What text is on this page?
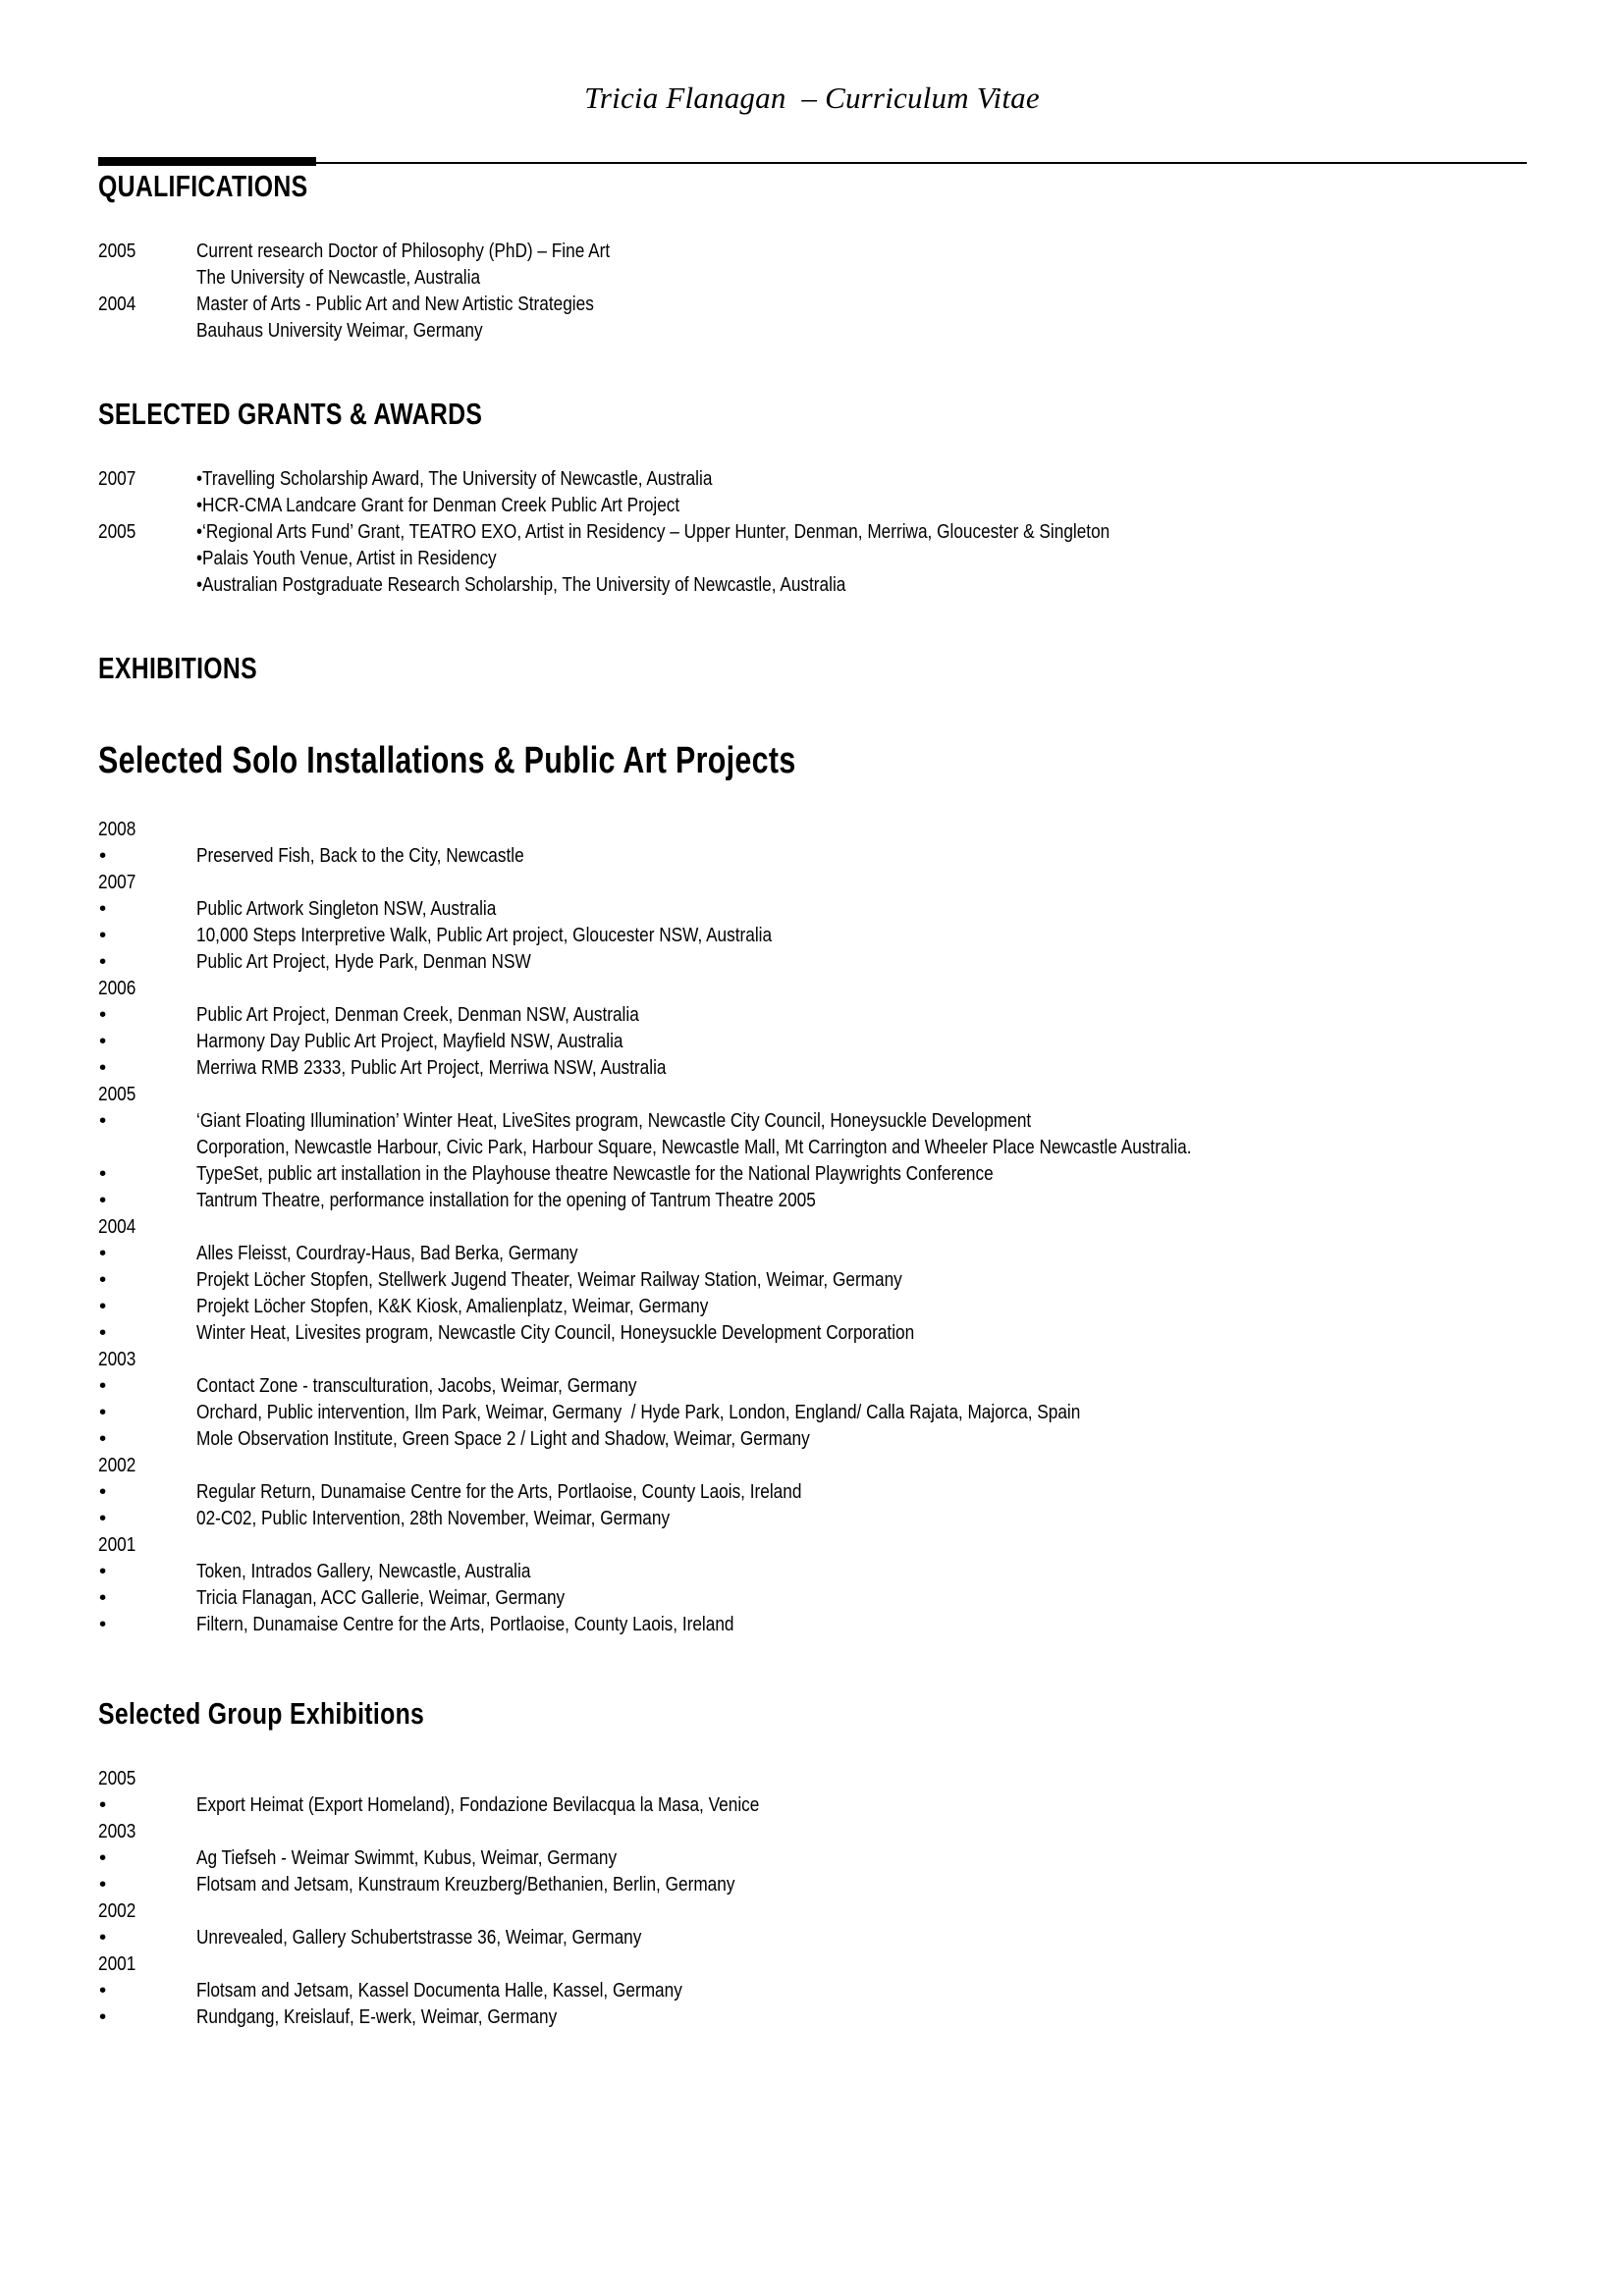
Tricia Flanagan  – Curriculum Vitae
QUALIFICATIONS
2005	Current research Doctor of Philosophy (PhD) – Fine Art
The University of Newcastle, Australia
2004	Master of Arts - Public Art and New Artistic Strategies
Bauhaus University Weimar, Germany
SELECTED GRANTS & AWARDS
2007	•Travelling Scholarship Award, The University of Newcastle, Australia
•HCR-CMA Landcare Grant for Denman Creek Public Art Project
2005	•‘Regional Arts Fund’ Grant, TEATRO EXO, Artist in Residency – Upper Hunter, Denman, Merriwa, Gloucester & Singleton
•Palais Youth Venue, Artist in Residency
•Australian Postgraduate Research Scholarship, The University of Newcastle, Australia
EXHIBITIONS
Selected Solo Installations & Public Art Projects
2008
•	Preserved Fish, Back to the City, Newcastle
2007
•	Public Artwork Singleton NSW, Australia
•	10,000 Steps Interpretive Walk, Public Art project, Gloucester NSW, Australia
•	Public Art Project, Hyde Park, Denman NSW
2006
•	Public Art Project, Denman Creek, Denman NSW, Australia
•	Harmony Day Public Art Project, Mayfield NSW, Australia
•	Merriwa RMB 2333, Public Art Project, Merriwa NSW, Australia
2005
•	‘Giant Floating Illumination’ Winter Heat, LiveSites program, Newcastle City Council, Honeysuckle Development
Corporation, Newcastle Harbour, Civic Park, Harbour Square, Newcastle Mall, Mt Carrington and Wheeler Place Newcastle Australia.
•	TypeSet, public art installation in the Playhouse theatre Newcastle for the National Playwrights Conference
•	Tantrum Theatre, performance installation for the opening of Tantrum Theatre 2005
2004
•	Alles Fleisst, Courdray-Haus, Bad Berka, Germany
•	Projekt Löcher Stopfen, Stellwerk Jugend Theater, Weimar Railway Station, Weimar, Germany
•	Projekt Löcher Stopfen, K&K Kiosk, Amalienplatz, Weimar, Germany
•	Winter Heat, Livesites program, Newcastle City Council, Honeysuckle Development Corporation
2003
•	Contact Zone - transculturation, Jacobs, Weimar, Germany
•	Orchard, Public intervention, Ilm Park, Weimar, Germany  / Hyde Park, London, England/ Calla Rajata, Majorca, Spain
•	Mole Observation Institute, Green Space 2 / Light and Shadow, Weimar, Germany
2002
•	Regular Return, Dunamaise Centre for the Arts, Portlaoise, County Laois, Ireland
•	02-C02, Public Intervention, 28th November, Weimar, Germany
2001
•	Token, Intrados Gallery, Newcastle, Australia
•	Tricia Flanagan, ACC Gallerie, Weimar, Germany
•	Filtern, Dunamaise Centre for the Arts, Portlaoise, County Laois, Ireland
Selected Group Exhibitions
2005
•	Export Heimat (Export Homeland), Fondazione Bevilacqua la Masa, Venice
2003
•	Ag Tiefseh - Weimar Swimmt, Kubus, Weimar, Germany
•	Flotsam and Jetsam, Kunstraum Kreuzberg/Bethanien, Berlin, Germany
2002
•	Unrevealed, Gallery Schubertstrasse 36, Weimar, Germany
2001
•	Flotsam and Jetsam, Kassel Documenta Halle, Kassel, Germany
•	Rundgang, Kreislauf, E-werk, Weimar, Germany
